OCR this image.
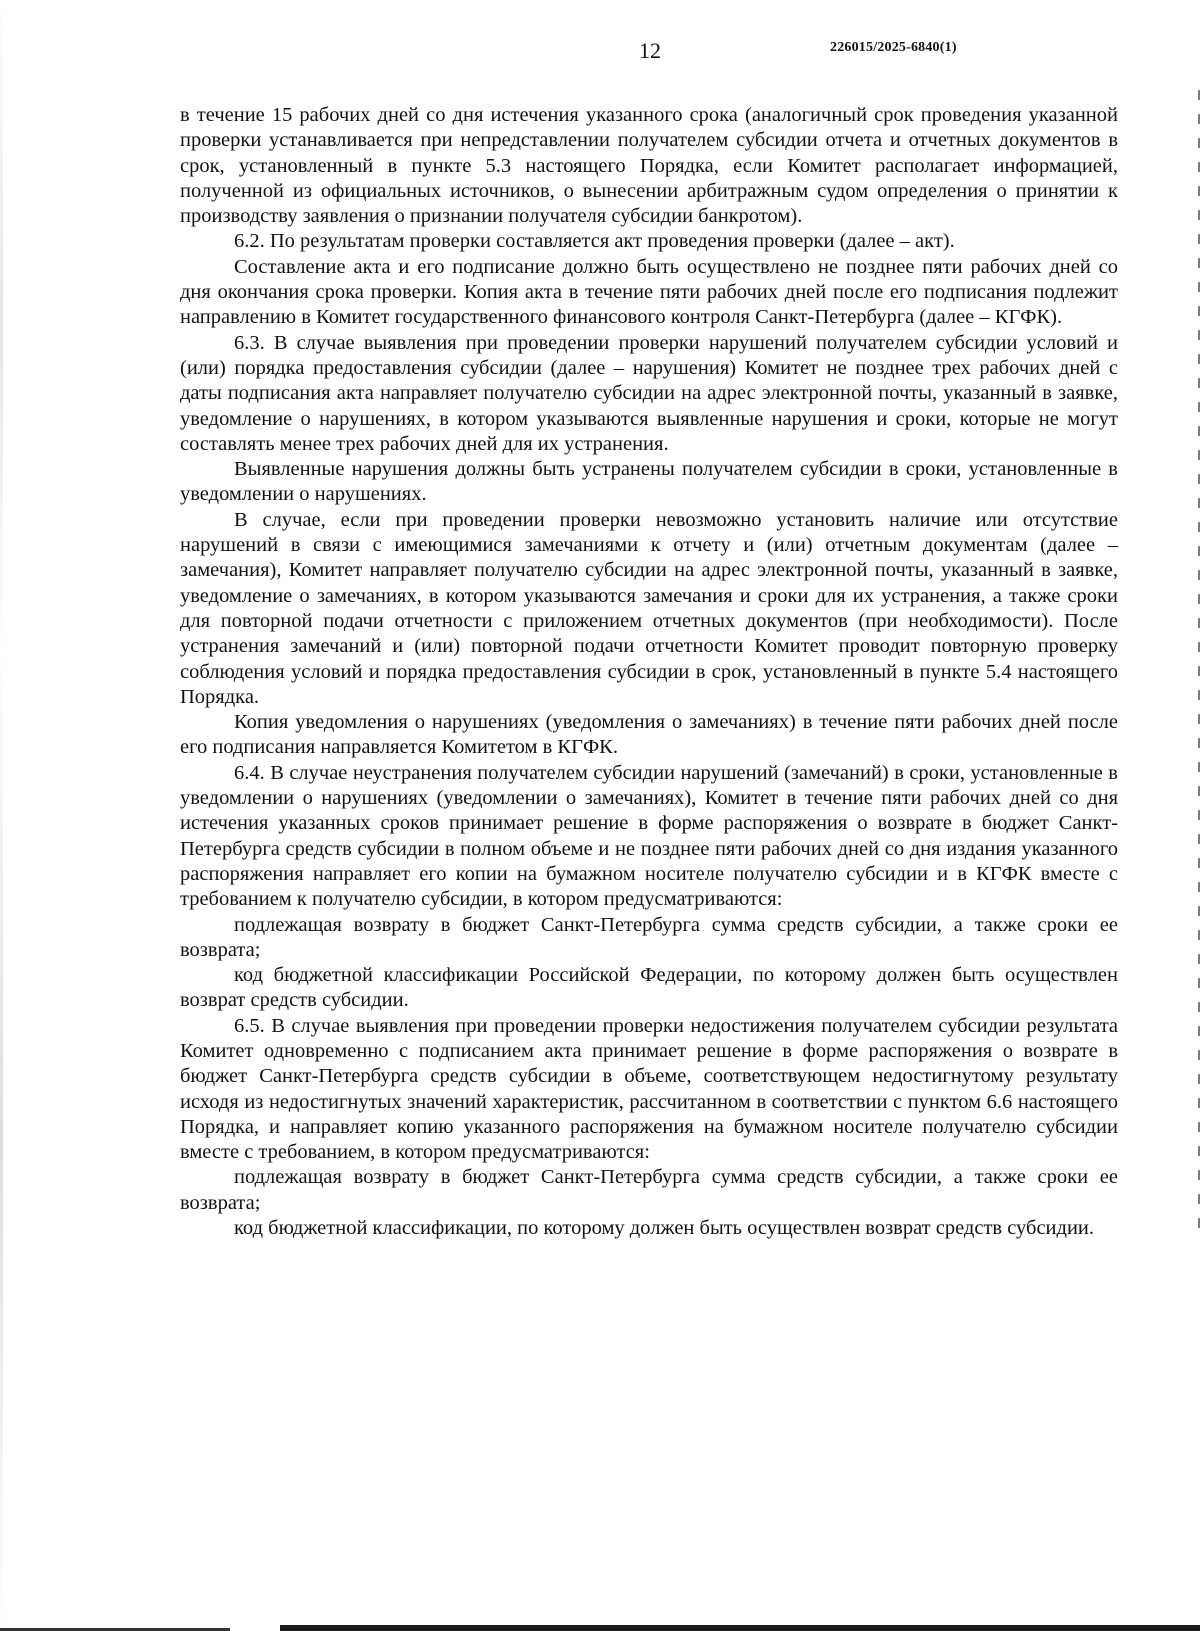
12	226015/2025-6840(1)

в течение 15 рабочих дней со дня истечения указанного срока (аналогичный срок проведения указанной проверки устанавливается при непредставлении получателем субсидии отчета и отчетных документов в срок, установленный в пункте 5.3 настоящего Порядка, если Комитет располагает информацией, полученной из официальных источников, о вынесении арбитражным судом определения о принятии к производству заявления о признании получателя субсидии банкротом).

6.2. По результатам проверки составляется акт проведения проверки (далее – акт).

Составление акта и его подписание должно быть осуществлено не позднее пяти рабочих дней со дня окончания срока проверки. Копия акта в течение пяти рабочих дней после его подписания подлежит направлению в Комитет государственного финансового контроля Санкт-Петербурга (далее – КГФК).

6.3. В случае выявления при проведении проверки нарушений получателем субсидии условий и (или) порядка предоставления субсидии (далее – нарушения) Комитет не позднее трех рабочих дней с даты подписания акта направляет получателю субсидии на адрес электронной почты, указанный в заявке, уведомление о нарушениях, в котором указываются выявленные нарушения и сроки, которые не могут составлять менее трех рабочих дней для их устранения.

Выявленные нарушения должны быть устранены получателем субсидии в сроки, установленные в уведомлении о нарушениях.

В случае, если при проведении проверки невозможно установить наличие или отсутствие нарушений в связи с имеющимися замечаниями к отчету и (или) отчетным документам (далее – замечания), Комитет направляет получателю субсидии на адрес электронной почты, указанный в заявке, уведомление о замечаниях, в котором указываются замечания и сроки для их устранения, а также сроки для повторной подачи отчетности с приложением отчетных документов (при необходимости). После устранения замечаний и (или) повторной подачи отчетности Комитет проводит повторную проверку соблюдения условий и порядка предоставления субсидии в срок, установленный в пункте 5.4 настоящего Порядка.

Копия уведомления о нарушениях (уведомления о замечаниях) в течение пяти рабочих дней после его подписания направляется Комитетом в КГФК.

6.4. В случае неустранения получателем субсидии нарушений (замечаний) в сроки, установленные в уведомлении о нарушениях (уведомлении о замечаниях), Комитет в течение пяти рабочих дней со дня истечения указанных сроков принимает решение в форме распоряжения о возврате в бюджет Санкт-Петербурга средств субсидии в полном объеме и не позднее пяти рабочих дней со дня издания указанного распоряжения направляет его копии на бумажном носителе получателю субсидии и в КГФК вместе с требованием к получателю субсидии, в котором предусматриваются:

подлежащая возврату в бюджет Санкт-Петербурга сумма средств субсидии, а также сроки ее возврата;

код бюджетной классификации Российской Федерации, по которому должен быть осуществлен возврат средств субсидии.

6.5. В случае выявления при проведении проверки недостижения получателем субсидии результата Комитет одновременно с подписанием акта принимает решение в форме распоряжения о возврате в бюджет Санкт-Петербурга средств субсидии в объеме, соответствующем недостигнутому результату исходя из недостигнутых значений характеристик, рассчитанном в соответствии с пунктом 6.6 настоящего Порядка, и направляет копию указанного распоряжения на бумажном носителе получателю субсидии вместе с требованием, в котором предусматриваются:

подлежащая возврату в бюджет Санкт-Петербурга сумма средств субсидии, а также сроки ее возврата;

код бюджетной классификации, по которому должен быть осуществлен возврат средств субсидии.
